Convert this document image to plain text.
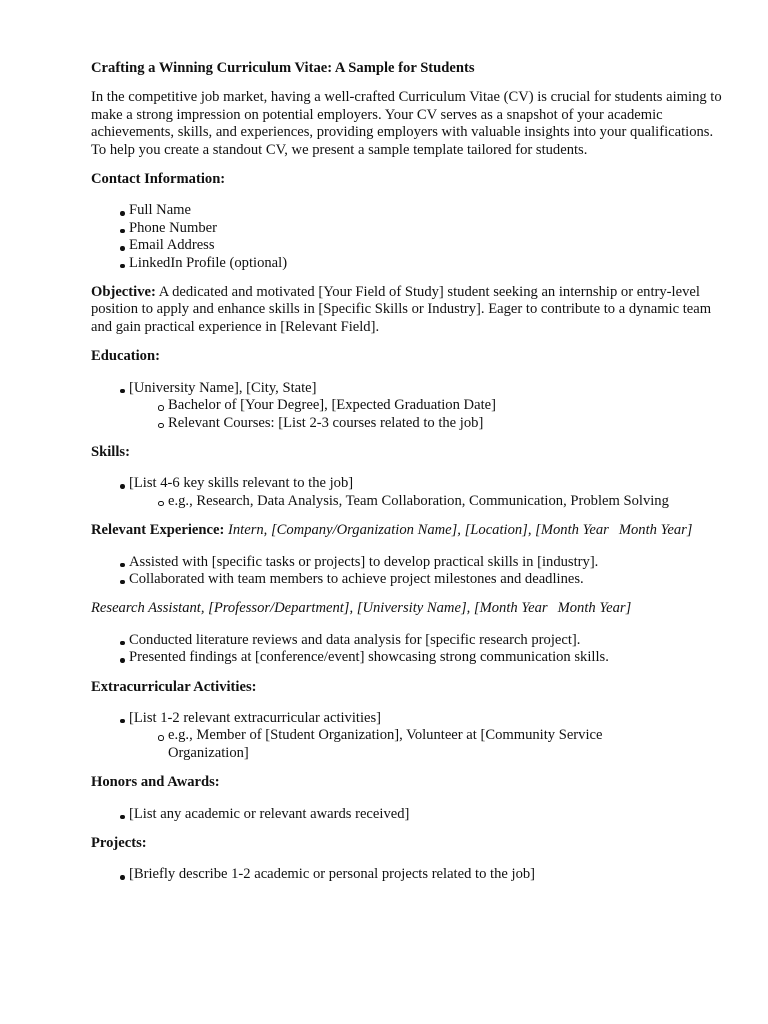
Crafting a Winning Curriculum Vitae: A Sample for Students

In the competitive job market, having a well-crafted Curriculum Vitae (CV) is crucial for students aiming to make a strong impression on potential employers. Your CV serves as a snapshot of your academic achievements, skills, and experiences, providing employers with valuable insights into your qualifications. To help you create a standout CV, we present a sample template tailored for students.

Contact Information:

Full Name
Phone Number
Email Address
LinkedIn Profile (optional)

Objective: A dedicated and motivated [Your Field of Study] student seeking an internship or entry-level position to apply and enhance skills in [Specific Skills or Industry]. Eager to contribute to a dynamic team and gain practical experience in [Relevant Field].

Education:

[University Name], [City, State]
Bachelor of [Your Degree], [Expected Graduation Date]
Relevant Courses: [List 2-3 courses related to the job]

Skills:

[List 4-6 key skills relevant to the job]
e.g., Research, Data Analysis, Team Collaboration, Communication, Problem Solving

Relevant Experience: Intern, [Company/Organization Name], [Location], [Month Year Month Year]

Assisted with [specific tasks or projects] to develop practical skills in [industry].
Collaborated with team members to achieve project milestones and deadlines.

Research Assistant, [Professor/Department], [University Name], [Month Year Month Year]

Conducted literature reviews and data analysis for [specific research project].
Presented findings at [conference/event] showcasing strong communication skills.

Extracurricular Activities:

[List 1-2 relevant extracurricular activities]
e.g., Member of [Student Organization], Volunteer at [Community Service Organization]

Honors and Awards:

[List any academic or relevant awards received]

Projects:

[Briefly describe 1-2 academic or personal projects related to the job]
